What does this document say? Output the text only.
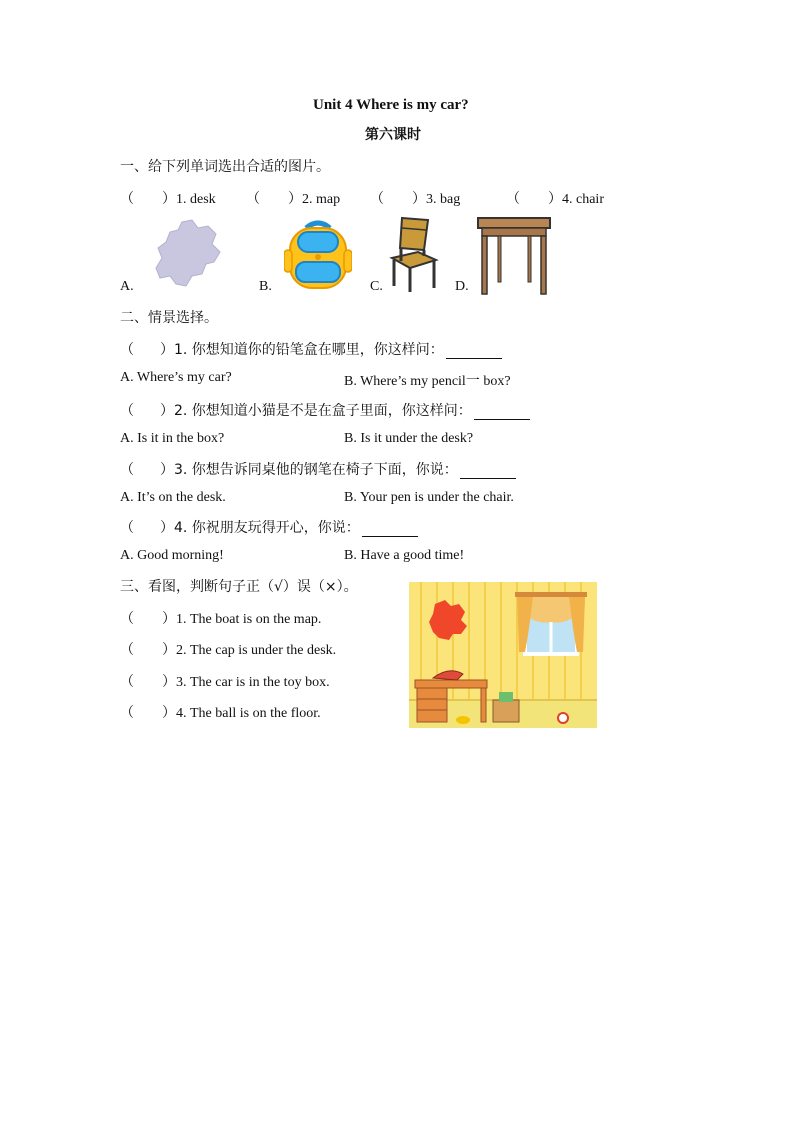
Unit 4 Where is my car?
第六课时
一、给下列单词选出合适的图片。
（ ）1. desk （ ）2. map （ ）3. bag	（ ）4. chair
A.	B.	C.	D.
二、情景选择。
（ ）1. 你想知道你的铅笔盒在哪里，你这样问：
A. Where’s my car?	B. Where’s my pencil一 box?
（ ）2. 你想知道小猫是不是在盒子里面，你这样问：
A. Is it in the box?	B. Is it under the desk?
（ ）3. 你想告诉同桌他的钢笔在椅子下面，你说：
A. It’s on the desk.	B. Your pen is under the chair.
（ ）4. 你祝朋友玩得开心，你说：
A. Good morning!	B. Have a good time!
三、看图，判断句子正（√）误（×）。
（ ）1. The boat is on the map.
（ ）2. The cap is under the desk.
（ ）3. The car is in the toy box.
（ ）4. The ball is on the floor.
